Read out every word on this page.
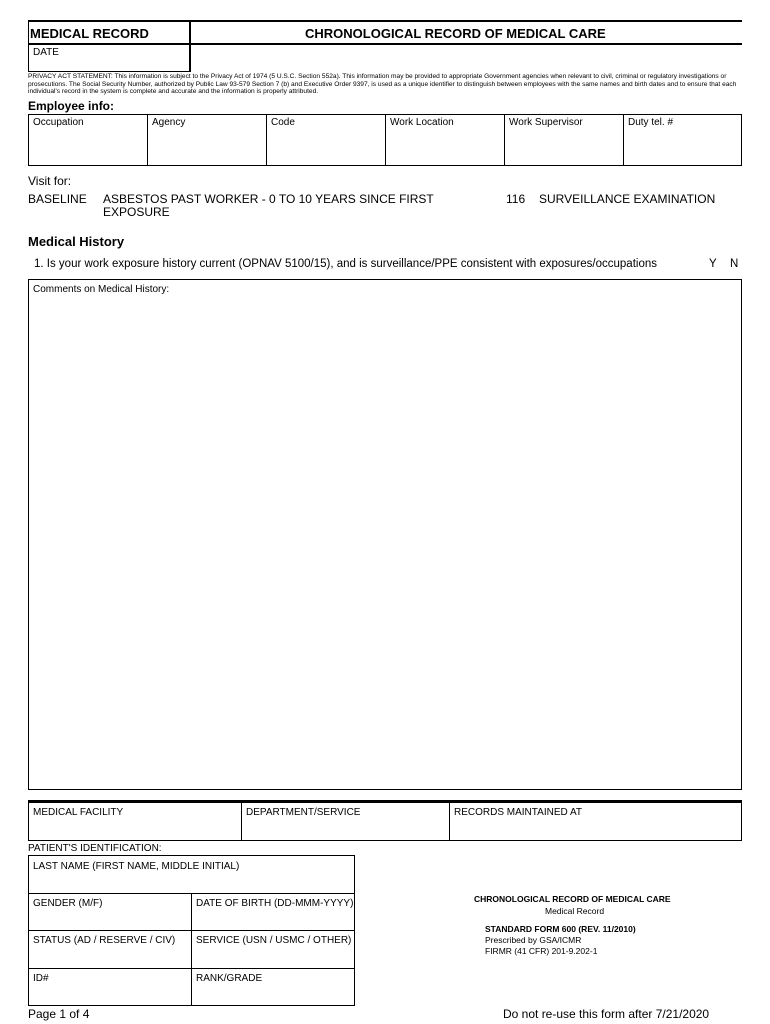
MEDICAL RECORD	CHRONOLOGICAL RECORD OF MEDICAL CARE
DATE
PRIVACY ACT STATEMENT: This information is subject to the Privacy Act of 1974 (5 U.S.C. Section 552a). This information may be provided to appropriate Government agencies when relevant to civil, criminal or regulatory investigations or prosecutions. The Social Security Number, authorized by Public Law 93-579 Section 7 (b) and Executive Order 9397, is used as a unique identifier to distinguish between employees with the same names and birth dates and to ensure that each individual's record in the system is complete and accurate and the information is properly attributed.
Employee info:
Occupation	Agency	Code	Work Location	Work Supervisor	Duty tel. #
Visit for:
BASELINE ASBESTOS PAST WORKER - 0 TO 10 YEARS SINCE FIRST
EXPOSURE
116 SURVEILLANCE EXAMINATION
Medical History
1. Is your work exposure history current (OPNAV 5100/15), and is surveillance/PPE consistent with exposures/occupations	Y N
Comments on Medical History:
MEDICAL FACILITY	DEPARTMENT/SERVICE	RECORDS MAINTAINED AT
PATIENT'S IDENTIFICATION:
LAST NAME (FIRST NAME, MIDDLE INITIAL)
GENDER (M/F)	DATE OF BIRTH (DD-MMM-YYYY)
STATUS (AD / RESERVE / CIV) SERVICE (USN / USMC / OTHER)
ID#	RANK/GRADE
CHRONOLOGICAL RECORD OF MEDICAL CARE
Medical Record
STANDARD FORM 600 (REV. 11/2010)
Prescribed by GSA/ICMR
FIRMR (41 CFR) 201-9.202-1
Page 1 of 4	Do not re-use this form after 7/21/2020
